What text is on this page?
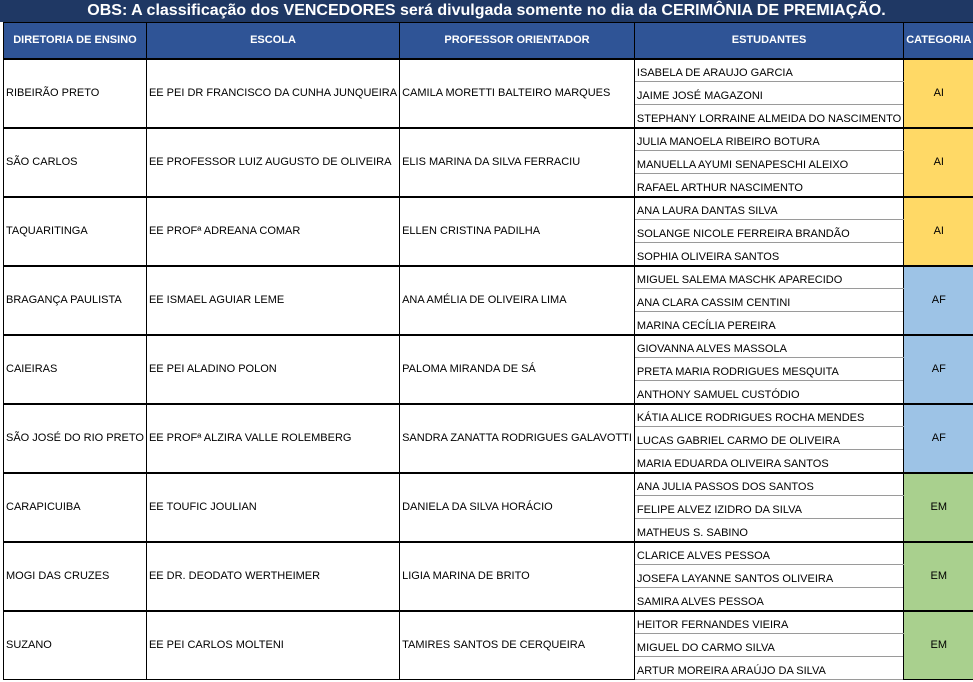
OBS: A classificação dos VENCEDORES será divulgada somente no dia da CERIMÔNIA DE PREMIAÇÃO.
DIRETORIA DE ENSINO	ESCOLA	PROFESSOR ORIENTADOR	ESTUDANTES	CATEGORIA
RIBEIRÃO PRETO	EE PEI DR FRANCISCO DA CUNHA JUNQUEIRA	CAMILA MORETTI BALTEIRO MARQUES	ISABELA DE ARAUJO GARCIA	AI
			JAIME JOSÉ MAGAZONI	
			STEPHANY LORRAINE ALMEIDA DO NASCIMENTO	
SÃO CARLOS	EE PROFESSOR LUIZ AUGUSTO DE OLIVEIRA	ELIS MARINA DA SILVA FERRACIU	JULIA MANOELA RIBEIRO BOTURA	AI
			MANUELLA AYUMI SENAPESCHI ALEIXO	
			RAFAEL ARTHUR NASCIMENTO	
TAQUARITINGA	EE PROFª ADREANA COMAR	ELLEN CRISTINA PADILHA	ANA LAURA DANTAS SILVA	AI
			SOLANGE NICOLE FERREIRA BRANDÃO	
			SOPHIA OLIVEIRA SANTOS	
BRAGANÇA PAULISTA	EE ISMAEL AGUIAR LEME	ANA AMÉLIA DE OLIVEIRA LIMA	MIGUEL SALEMA MASCHK APARECIDO	AF
			ANA CLARA CASSIM CENTINI	
			MARINA CECÍLIA PEREIRA	
CAIEIRAS	EE PEI ALADINO POLON	PALOMA MIRANDA DE SÁ	GIOVANNA ALVES MASSOLA	AF
			PRETA MARIA RODRIGUES MESQUITA	
			ANTHONY SAMUEL CUSTÓDIO	
SÃO JOSÉ DO RIO PRETO	EE PROFª ALZIRA VALLE ROLEMBERG	SANDRA ZANATTA RODRIGUES GALAVOTTI	KÁTIA ALICE RODRIGUES ROCHA MENDES	AF
			LUCAS GABRIEL CARMO DE OLIVEIRA	
			MARIA EDUARDA OLIVEIRA SANTOS	
CARAPICUIBA	EE TOUFIC JOULIAN	DANIELA DA SILVA HORÁCIO	ANA JULIA PASSOS DOS SANTOS	EM
			FELIPE ALVEZ IZIDRO DA SILVA	
			MATHEUS S. SABINO	
MOGI DAS CRUZES	EE DR. DEODATO WERTHEIMER	LIGIA MARINA DE BRITO	CLARICE ALVES PESSOA	EM
			JOSEFA LAYANNE SANTOS OLIVEIRA	
			SAMIRA ALVES PESSOA	
SUZANO	EE PEI CARLOS MOLTENI	TAMIRES SANTOS DE CERQUEIRA	HEITOR FERNANDES VIEIRA	EM
			MIGUEL DO CARMO SILVA	
			ARTUR MOREIRA ARAÚJO DA SILVA	
